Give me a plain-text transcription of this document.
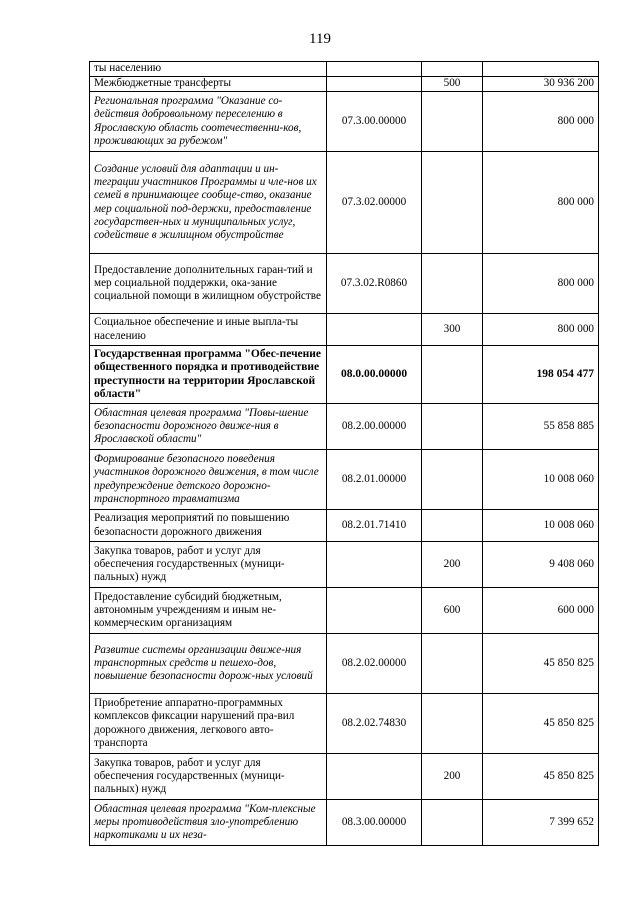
119
ты населению			
Межбюджетные трансферты		500	30 936 200
Региональная программа "Оказание со-действия добровольному переселению в Ярославскую область соотечественни-ков, проживающих за рубежом"	07.3.00.00000		800 000
Создание условий для адаптации и ин-теграции участников Программы и чле-нов их семей в принимающее сообще-ство, оказание мер социальной под-держки, предоставление государствен-ных и муниципальных услуг, содействие в жилищном обустройстве	07.3.02.00000		800 000
Предоставление дополнительных гаран-тий и мер социальной поддержки, ока-зание социальной помощи в жилищном обустройстве	07.3.02.R0860		800 000
Социальное обеспечение и иные выпла-ты населению		300	800 000
Государственная программа "Обес-печение общественного порядка и противодействие преступности на территории Ярославской области"	08.0.00.00000		198 054 477
Областная целевая программа "Повы-шение безопасности дорожного движе-ния в Ярославской области"	08.2.00.00000		55 858 885
Формирование безопасного поведения участников дорожного движения, в том числе предупреждение детского дорожно-транспортного травматизма	08.2.01.00000		10 008 060
Реализация мероприятий по повышению безопасности дорожного движения	08.2.01.71410		10 008 060
Закупка товаров, работ и услуг для обеспечения государственных (муници-пальных) нужд		200	9 408 060
Предоставление субсидий бюджетным, автономным учреждениям и иным не-коммерческим организациям		600	600 000
Развитие системы организации движе-ния транспортных средств и пешехо-дов, повышение безопасности дорож-ных условий	08.2.02.00000		45 850 825
Приобретение аппаратно-программных комплексов фиксации нарушений пра-вил дорожного движения, легкового авто-транспорта	08.2.02.74830		45 850 825
Закупка товаров, работ и услуг для обеспечения государственных (муници-пальных) нужд		200	45 850 825
Областная целевая программа "Ком-плексные меры противодействия зло-употреблению наркотиками и их неза-	08.3.00.00000		7 399 652
